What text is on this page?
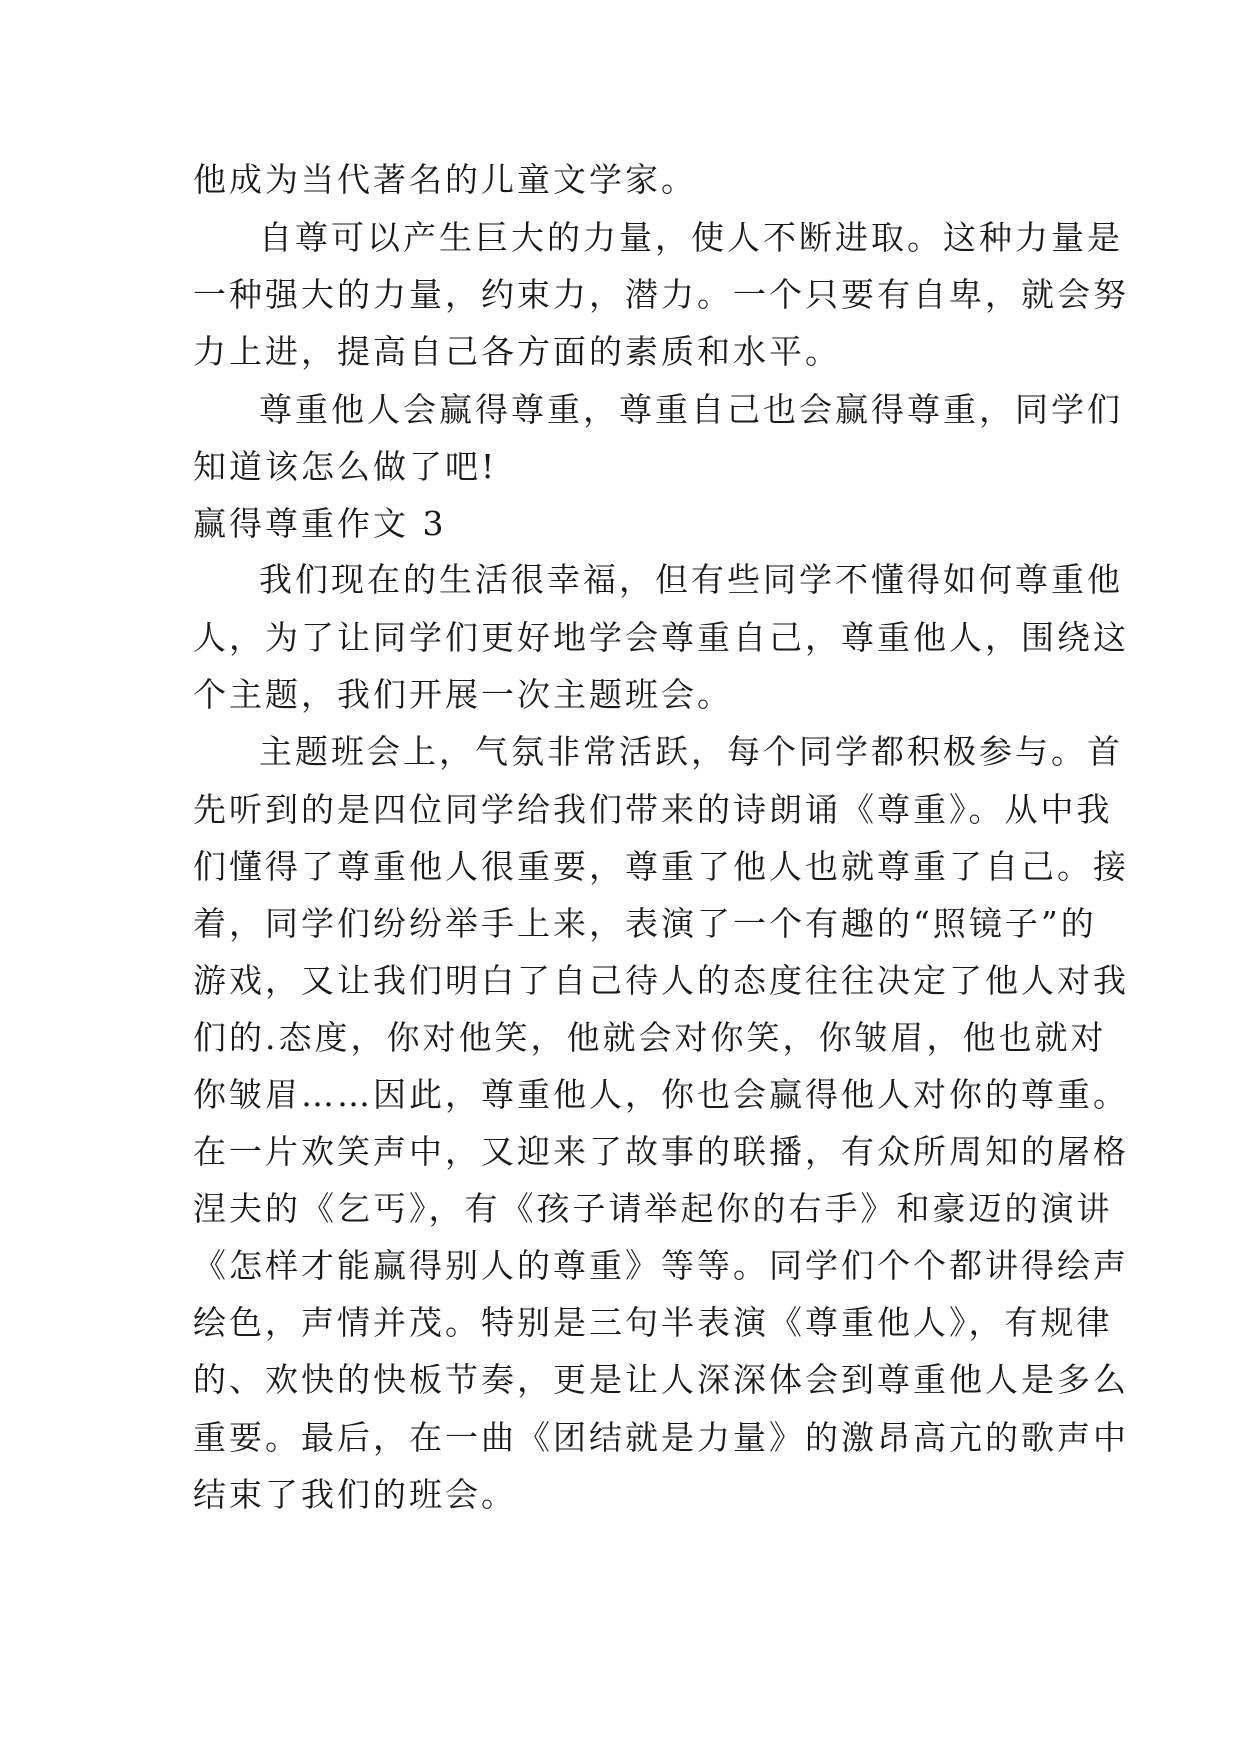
他成为当代著名的儿童文学家。
自尊可以产生巨大的力量，使人不断进取。这种力量是
一种强大的力量，约束力，潜力。一个只要有自卑，就会努
力上进，提高自己各方面的素质和水平。
尊重他人会赢得尊重，尊重自己也会赢得尊重，同学们
知道该怎么做了吧!
赢得尊重作文 3
我们现在的生活很幸福，但有些同学不懂得如何尊重他
人，为了让同学们更好地学会尊重自己，尊重他人，围绕这
个主题，我们开展一次主题班会。
主题班会上，气氛非常活跃，每个同学都积极参与。首
先听到的是四位同学给我们带来的诗朗诵《尊重》。从中我
们懂得了尊重他人很重要，尊重了他人也就尊重了自己。接
着，同学们纷纷举手上来，表演了一个有趣的“照镜子”的
游戏，又让我们明白了自己待人的态度往往决定了他人对我
们的.态度，你对他笑，他就会对你笑，你皱眉，他也就对
你皱眉……因此，尊重他人，你也会赢得他人对你的尊重。
在一片欢笑声中，又迎来了故事的联播，有众所周知的屠格
涅夫的《乞丐》，有《孩子请举起你的右手》和豪迈的演讲
《怎样才能赢得别人的尊重》等等。同学们个个都讲得绘声
绘色，声情并茂。特别是三句半表演《尊重他人》，有规律
的、欢快的快板节奏，更是让人深深体会到尊重他人是多么
重要。最后，在一曲《团结就是力量》的激昂高亢的歌声中
结束了我们的班会。
